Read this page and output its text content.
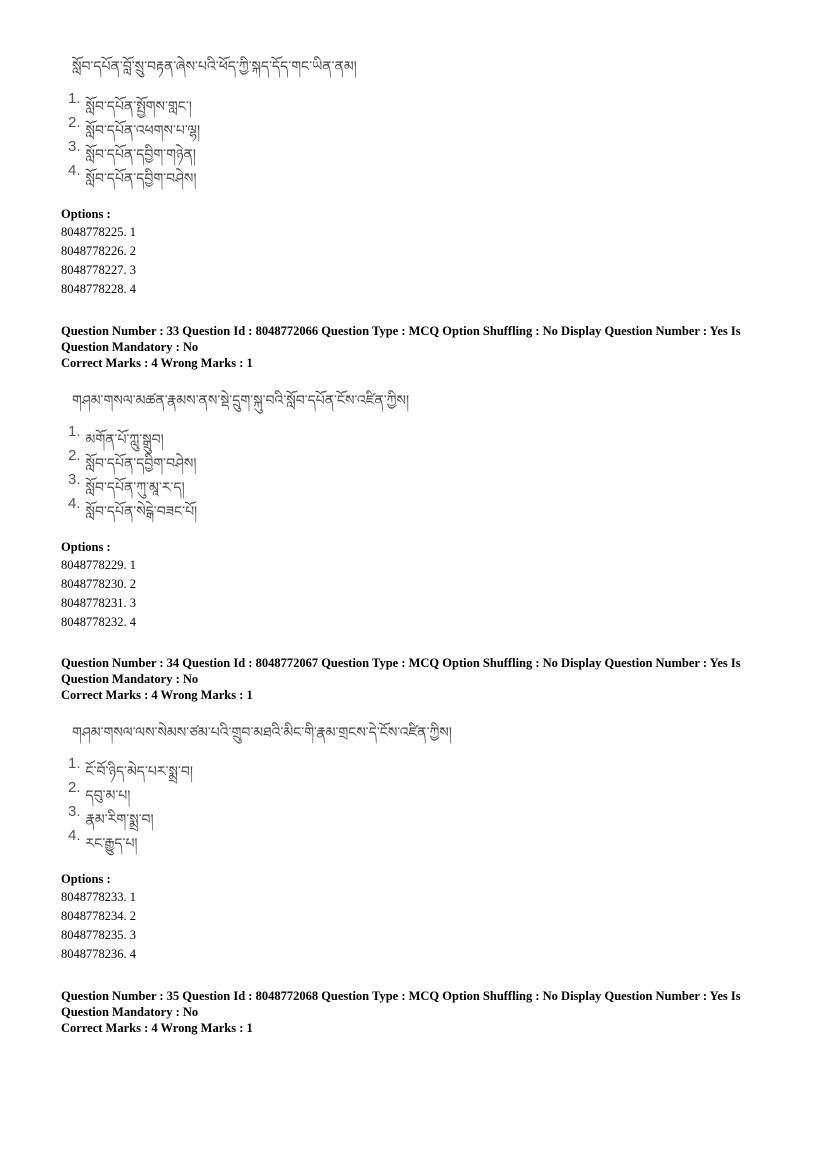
སློབ་དཔོན་བློ་སྲུ་བརྟན་ཞེས་པའི་ཕོད་ཀྱི་སྐད་དོད་གང་ཡིན་ནམ།
1. སློབ་དཔོན་སྤྱོགས་གླང་།
2. སློབ་དཔོན་འཕགས་པ་ལྷ།
3. སློབ་དཔོན་དབྱིག་གཉེན།
4. སློབ་དཔོན་དབྱིག་བཤེས།
Options :
8048778225. 1
8048778226. 2
8048778227. 3
8048778228. 4
Question Number : 33 Question Id : 8048772066 Question Type : MCQ Option Shuffling : No Display Question Number : Yes Is
Question Mandatory : No
Correct Marks : 4 Wrong Marks : 1
གཤམ་གསལ་མཚན་རྣམས་ནས་སྡེ་དྲུག་སྐུ་བའི་སློབ་དཔོན་ངོས་འཛིན་ཀྱིས།
1. མགོན་པོ་ཀླུ་སྒྲུབ།
2. སློབ་དཔོན་དབྱིག་བཤེས།
3. སློབ་དཔོན་ཀུ་མཱ་ར་ད།
4. སློབ་དཔོན་སེངྒེ་བཟང་པོ།
Options :
8048778229. 1
8048778230. 2
8048778231. 3
8048778232. 4
Question Number : 34 Question Id : 8048772067 Question Type : MCQ Option Shuffling : No Display Question Number : Yes Is
Question Mandatory : No
Correct Marks : 4 Wrong Marks : 1
གཤམ་གསལ་ལས་སེམས་ཙམ་པའི་གྲུབ་མཐའི་མིང་གི་རྣམ་གྲངས་དེ་ངོས་འཛིན་ཀྱིས།
1. ངོ་བོ་ཉིད་མེད་པར་སྨྲ་བ།
2. དབུ་མ་པ།
3. རྣམ་རིག་སྨྲ་བ།
4. རང་རྒྱུད་པ།
Options :
8048778233. 1
8048778234. 2
8048778235. 3
8048778236. 4
Question Number : 35 Question Id : 8048772068 Question Type : MCQ Option Shuffling : No Display Question Number : Yes Is
Question Mandatory : No
Correct Marks : 4 Wrong Marks : 1
